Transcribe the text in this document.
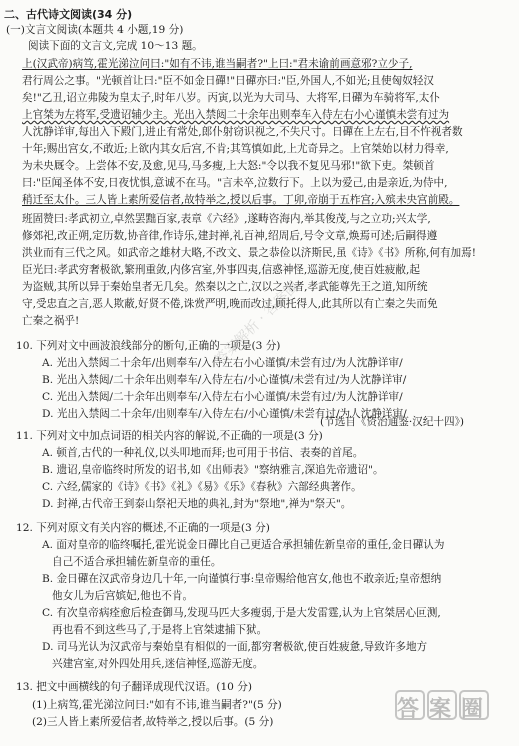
二、古代诗文阅读(34 分)
(一)文言文阅读(本题共 4 小题,19 分)
阅读下面的文言文,完成 10～13 题。
上(汉武帝)病笃,霍光涕泣问曰:"如有不讳,谁当嗣者?"上曰:"君未谕前画意邪?立少子,
君行周公之事。"光顿首让曰:"臣不如金日磾!"日磾亦曰:"臣,外国人,不如光;且使匈奴轻汉
矣!"乙丑,诏立弗陵为皇太子,时年八岁。丙寅,以光为大司马、大将军,日磾为车骑将军,太仆
上官桀为左将军,受遗诏辅少主。光出入禁闼二十余年出则奉车入侍左右小心谨慎未尝有过为
人沈静详审,每出入下殿门,进止有常处,郎仆射窃识视之,不失尺寸。日磾在上左右,目不忤视者数
十年;赐出宫女,不敢近;上欲内其女后宫,不肯;其笃慎如此,上尤奇异之。上官桀始以材力得幸,
为未央厩令。上尝体不安,及愈,见马,马多瘦,上大怒:"令以我不复见马邪!"欲下吏。桀顿首
曰:"臣闻圣体不安,日夜忧惧,意诚不在马。"言未卒,泣数行下。上以为爱己,由是亲近,为侍中,
稍迁至太仆。三人皆上素所爱信者,故特举之,授以后事。丁卯,帝崩于五柞宫;入殡未央宫前殿。
班固赞曰:孝武初立,卓然罢黜百家,表章《六经》,遂畴咨海内,举其俊茂,与之立功;兴太学,
修郊祀,改正朔,定历数,协音律,作诗乐,建封禅,礼百神,绍周后,号令文章,焕焉可述;后嗣得遵
洪业而有三代之风。如武帝之雄材大略,不改文、景之恭俭以济斯民,虽《诗》《书》所称,何有加焉!
臣光曰:孝武穷奢极欲,繁刑重敛,内侈宫室,外事四夷,信惑神怪,巡游无度,使百姓疲敝,起
为盗贼,其所以异于秦始皇者无几矣。然秦以之亡,汉以之兴者,孝武能尊先王之道,知所统
守,受忠直之言,恶人欺蔽,好贤不倦,诛赏严明,晚而改过,顾托得人,此其所以有亡秦之失而免
亡秦之祸乎!
(节选自《资治通鉴·汉纪十四》)
10. 下列对文中画波浪线部分的断句,正确的一项是(3 分)
A. 光出入禁闼二十余年/出则奉车/入侍左右小心谨慎/未尝有过/为人沈静详审/
B. 光出入禁闼/二十余年出则奉车/入侍左右/小心谨慎/未尝有过/为人沈静详审/
C. 光出入禁闼/二十余年出则奉车/入侍左右小心谨慎/未尝有过/为人沈静详审/
D. 光出入禁闼二十余年/出则奉车/入侍左右/小心谨慎/未尝有过/为人沈静详审/
11. 下列对文中加点词语的相关内容的解说,不正确的一项是(3 分)
A. 顿首,古代的一种礼仪,以头叩地而拜;也可用于书信、表奏的首尾。
B. 遗诏,皇帝临终时所发的诏书,如《出师表》"察纳雅言,深追先帝遗诏"。
C. 六经,儒家的《诗》《书》《礼》《易》《乐》《春秋》六部经典著作。
D. 封禅,古代帝王到泰山祭祀天地的典礼,封为"祭地",禅为"祭天"。
12. 下列对原文有关内容的概述,不正确的一项是(3 分)
A. 面对皇帝的临终嘱托,霍光说金日磾比自己更适合承担辅佐新皇帝的重任,金日磾认为
自己不适合承担辅佐新皇帝的重任。
B. 金日磾在汉武帝身边几十年,一向谨慎行事:皇帝赐给他宫女,他也不敢亲近;皇帝想纳
他女儿为后宫嫔妃,他也不肯。
C. 有次皇帝病痊愈后检查御马,发现马匹大多瘦弱,于是大发雷霆,认为上官桀居心叵测,
再也看不到这些马了,于是将上官桀逮捕下狱。
D. 司马光认为汉武帝与秦始皇有相似的一面,都穷奢极欲,使百姓疲惫,导致许多地方
兴建宫室,对外四处用兵,迷信神怪,巡游无度。
13. 把文中画横线的句子翻译成现代汉语。(10 分)
(1)上病笃,霍光涕泣问曰:"如有不讳,谁当嗣者?"(5 分)
(2)三人皆上素所爱信者,故特举之,授以后事。(5 分)
答案解析 · 答案圈
答案圈
